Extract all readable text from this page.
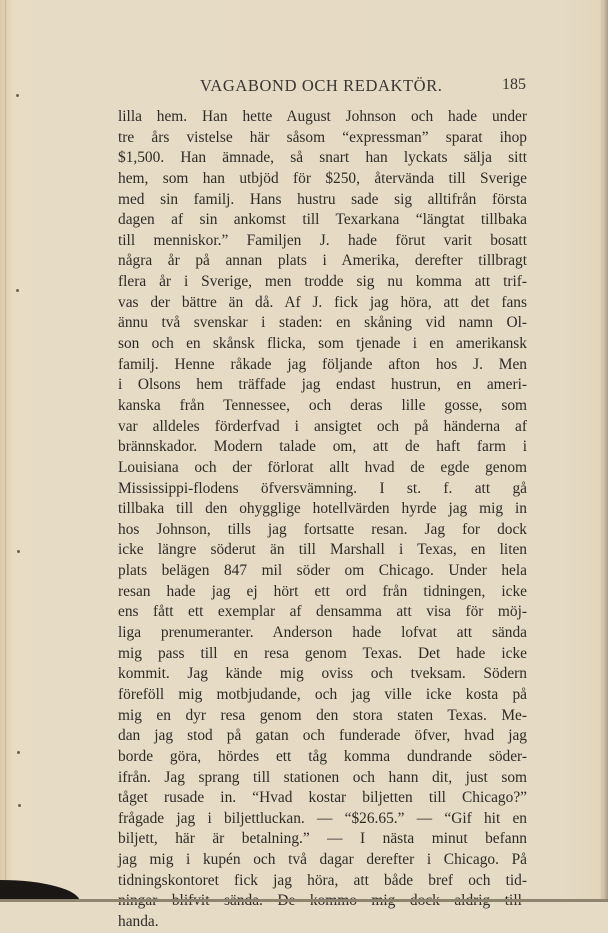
VAGABOND OCH REDAKTÖR.	185
lilla hem. Han hette August Johnson och hade under
tre års vistelse här såsom “expressman” sparat ihop
$1,500. Han ämnade, så snart han lyckats sälja sitt
hem, som han utbjöd för $250, återvända till Sverige
med sin familj. Hans hustru sade sig alltifrån första
dagen af sin ankomst till Texarkana “längtat tillbaka
till menniskor.” Familjen J. hade förut varit bosatt
några år på annan plats i Amerika, derefter tillbragt
flera år i Sverige, men trodde sig nu komma att trif-
vas der bättre än då. Af J. fick jag höra, att det fans
ännu två svenskar i staden: en skåning vid namn Ol-
son och en skånsk flicka, som tjenade i en amerikansk
familj. Henne råkade jag följande afton hos J. Men
i Olsons hem träffade jag endast hustrun, en ameri-
kanska från Tennessee, och deras lille gosse, som
var alldeles förderfvad i ansigtet och på händerna af
brännskador. Modern talade om, att de haft farm i
Louisiana och der förlorat allt hvad de egde genom
Mississippi-flodens öfversvämning. I st. f. att gå
tillbaka till den ohygglige hotellvärden hyrde jag mig in
hos Johnson, tills jag fortsatte resan. Jag for dock
icke längre söderut än till Marshall i Texas, en liten
plats belägen 847 mil söder om Chicago. Under hela
resan hade jag ej hört ett ord från tidningen, icke
ens fått ett exemplar af densamma att visa för möj-
liga prenumeranter. Anderson hade lofvat att sända
mig pass till en resa genom Texas. Det hade icke
kommit. Jag kände mig oviss och tveksam. Södern
föreföll mig motbjudande, och jag ville icke kosta på
mig en dyr resa genom den stora staten Texas. Me-
dan jag stod på gatan och funderade öfver, hvad jag
borde göra, hördes ett tåg komma dundrande söder-
ifrån. Jag sprang till stationen och hann dit, just som
tåget rusade in. “Hvad kostar biljetten till Chicago?”
frågade jag i biljettluckan. — “$26.65.” — “Gif hit en
biljett, här är betalning.” — I nästa minut befann
jag mig i kupén och två dagar derefter i Chicago. På
tidningskontoret fick jag höra, att både bref och tid-
handa.
